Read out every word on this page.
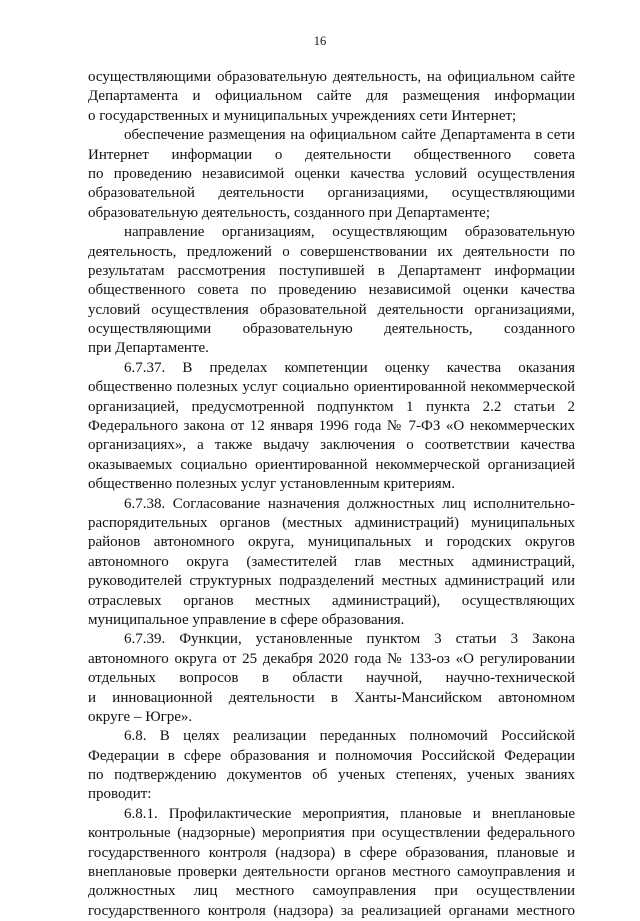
16
осуществляющими образовательную деятельность, на официальном сайте
Департамента и официальном сайте для размещения информации
о государственных и муниципальных учреждениях сети Интернет;
обеспечение размещения на официальном сайте Департамента в сети
Интернет информации о деятельности общественного совета
по проведению независимой оценки качества условий осуществления
образовательной деятельности организациями, осуществляющими
образовательную деятельность, созданного при Департаменте;
направление организациям, осуществляющим образовательную
деятельность, предложений о совершенствовании их деятельности по
результатам рассмотрения поступившей в Департамент информации
общественного совета по проведению независимой оценки качества
условий осуществления образовательной деятельности организациями,
осуществляющими образовательную деятельность, созданного
при Департаменте.
6.7.37. В пределах компетенции оценку качества оказания
общественно полезных услуг социально ориентированной некоммерческой
организацией, предусмотренной подпунктом 1 пункта 2.2 статьи 2
Федерального закона от 12 января 1996 года № 7-ФЗ «О некоммерческих
организациях», а также выдачу заключения о соответствии качества
оказываемых социально ориентированной некоммерческой организацией
общественно полезных услуг установленным критериям.
6.7.38. Согласование назначения должностных лиц исполнительно-
распорядительных органов (местных администраций) муниципальных
районов автономного округа, муниципальных и городских округов
автономного округа (заместителей глав местных администраций,
руководителей структурных подразделений местных администраций или
отраслевых органов местных администраций), осуществляющих
муниципальное управление в сфере образования.
6.7.39. Функции, установленные пунктом 3 статьи 3 Закона
автономного округа от 25 декабря 2020 года № 133-оз «О регулировании
отдельных вопросов в области научной, научно-технической
и инновационной деятельности в Ханты-Мансийском автономном
округе – Югре».
6.8. В целях реализации переданных полномочий Российской
Федерации в сфере образования и полномочия Российской Федерации
по подтверждению документов об ученых степенях, ученых званиях
проводит:
6.8.1. Профилактические мероприятия, плановые и внеплановые
контрольные (надзорные) мероприятия при осуществлении федерального
государственного контроля (надзора) в сфере образования, плановые и
внеплановые проверки деятельности органов местного самоуправления и
должностных лиц местного самоуправления при осуществлении
государственного контроля (надзора) за реализацией органами местного
